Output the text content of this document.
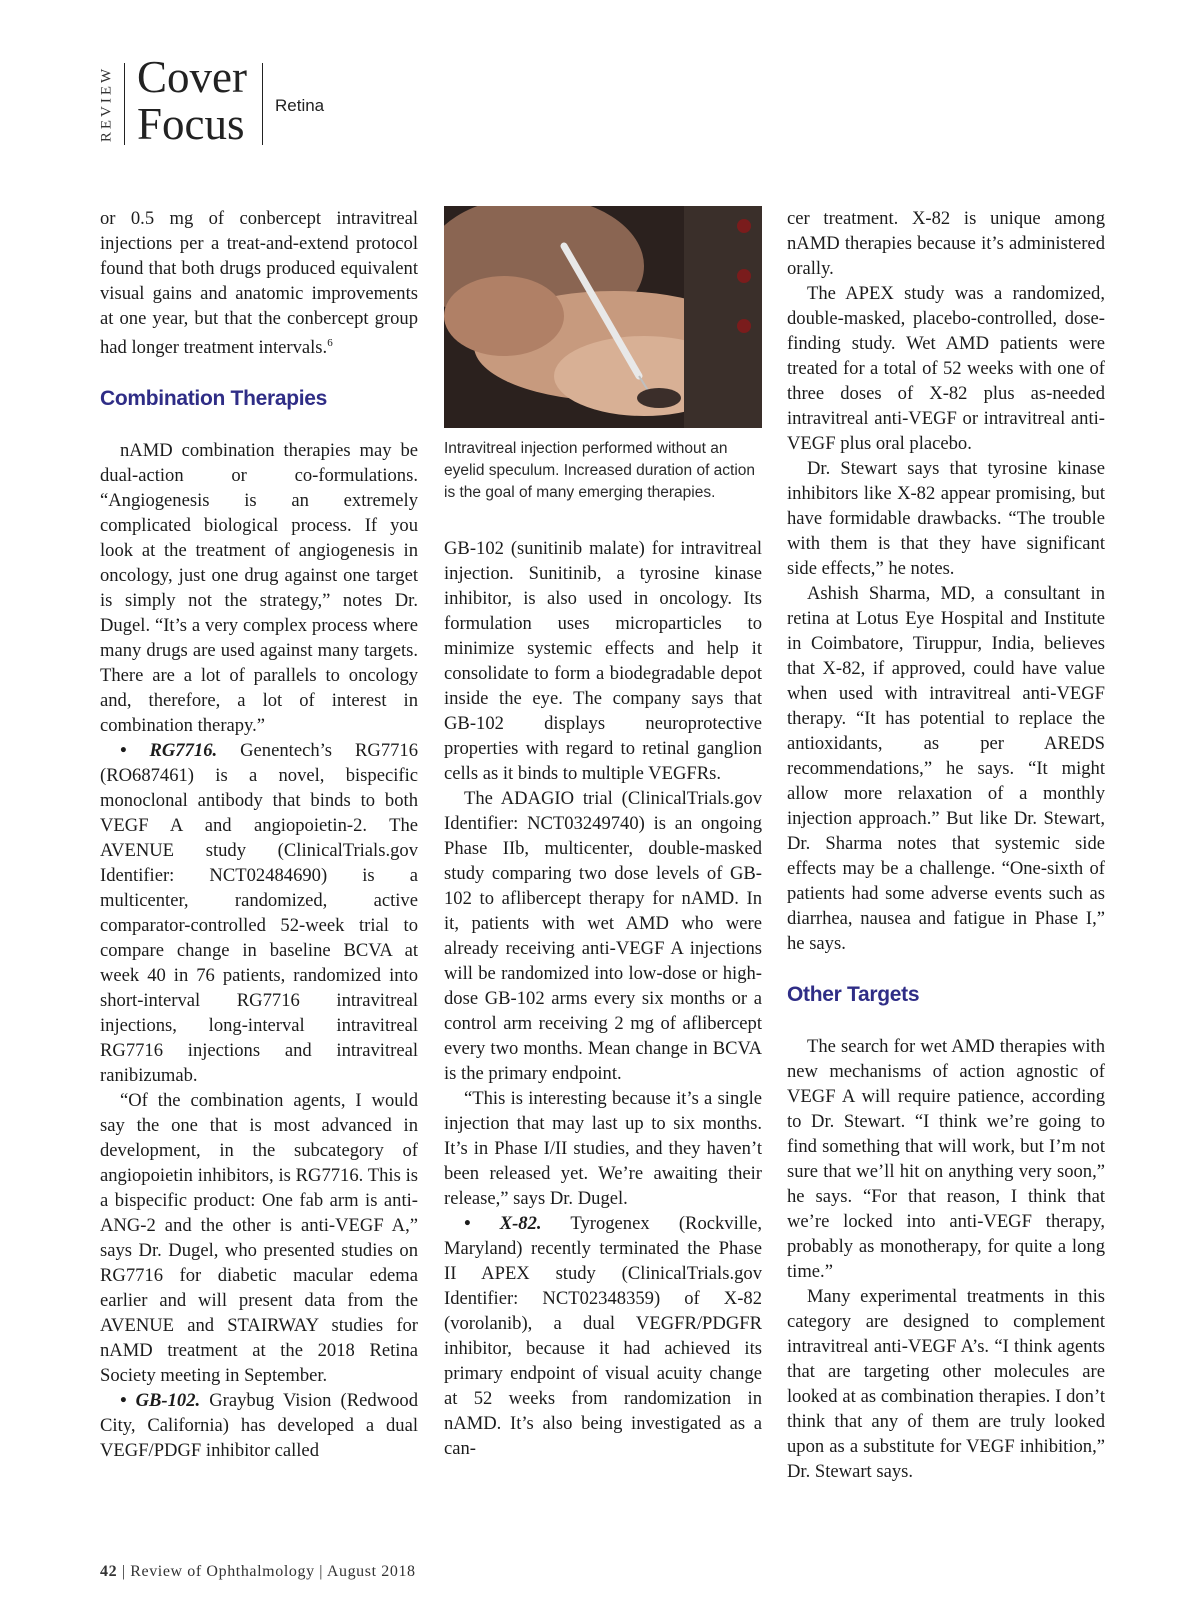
REVIEW Cover
Focus Retina

or 0.5 mg of conbercept intravitreal injections per a treat-and-extend protocol found that both drugs produced equivalent visual gains and anatomic improvements at one year, but that the conbercept group had longer treatment intervals.$^6$

Combination Therapies

nAMD combination therapies may be dual-action or co-formulations. “Angiogenesis is an extremely complicated biological process. If you look at the treatment of angiogenesis in oncology, just one drug against one target is simply not the strategy,” notes Dr. Dugel. “It’s a very complex process where many drugs are used against many targets. There are a lot of parallels to oncology and, therefore, a lot of interest in combination therapy.”

• RG7716. Genentech’s RG7716 (RO687461) is a novel, bispecific monoclonal antibody that binds to both VEGF A and angiopoietin-2. The AVENUE study (ClinicalTrials.gov Identifier: NCT02484690) is a multicenter, randomized, active comparator-controlled 52-week trial to compare change in baseline BCVA at week 40 in 76 patients, randomized into short-interval RG7716 intravitreal injections, long-interval intravitreal RG7716 injections and intravitreal ranibizumab.

“Of the combination agents, I would say the one that is most advanced in development, in the subcategory of angiopoietin inhibitors, is RG7716. This is a bispecific product: One fab arm is anti-ANG-2 and the other is anti-VEGF A,” says Dr. Dugel, who presented studies on RG7716 for diabetic macular edema earlier and will present data from the AVENUE and STAIRWAY studies for nAMD treatment at the 2018 Retina Society meeting in September.

• GB-102. Graybug Vision (Redwood City, California) has developed a dual VEGF/PDGF inhibitor called

Intravitreal injection performed without an eyelid speculum. Increased duration of action is the goal of many emerging therapies.

GB-102 (sunitinib malate) for intravitreal injection. Sunitinib, a tyrosine kinase inhibitor, is also used in oncology. Its formulation uses microparticles to minimize systemic effects and help it consolidate to form a biodegradable depot inside the eye. The company says that GB-102 displays neuroprotective properties with regard to retinal ganglion cells as it binds to multiple VEGFRs.

The ADAGIO trial (ClinicalTrials.gov Identifier: NCT03249740) is an ongoing Phase IIb, multicenter, double-masked study comparing two dose levels of GB-102 to aflibercept therapy for nAMD. In it, patients with wet AMD who were already receiving anti-VEGF A injections will be randomized into low-dose or high-dose GB-102 arms every six months or a control arm receiving 2 mg of aflibercept every two months. Mean change in BCVA is the primary endpoint.

“This is interesting because it’s a single injection that may last up to six months. It’s in Phase I/II studies, and they haven’t been released yet. We’re awaiting their release,” says Dr. Dugel.

• X-82. Tyrogenex (Rockville, Maryland) recently terminated the Phase II APEX study (ClinicalTrials.gov Identifier: NCT02348359) of X-82 (vorolanib), a dual VEGFR/PDGFR inhibitor, because it had achieved its primary endpoint of visual acuity change at 52 weeks from randomization in nAMD. It’s also being investigated as a can-

cer treatment. X-82 is unique among nAMD therapies because it’s administered orally.

The APEX study was a randomized, double-masked, placebo-controlled, dose-finding study. Wet AMD patients were treated for a total of 52 weeks with one of three doses of X-82 plus as-needed intravitreal anti-VEGF or intravitreal anti-VEGF plus oral placebo.

Dr. Stewart says that tyrosine kinase inhibitors like X-82 appear promising, but have formidable drawbacks. “The trouble with them is that they have significant side effects,” he notes.

Ashish Sharma, MD, a consultant in retina at Lotus Eye Hospital and Institute in Coimbatore, Tiruppur, India, believes that X-82, if approved, could have value when used with intravitreal anti-VEGF therapy. “It has potential to replace the antioxidants, as per AREDS recommendations,” he says. “It might allow more relaxation of a monthly injection approach.” But like Dr. Stewart, Dr. Sharma notes that systemic side effects may be a challenge. “One-sixth of patients had some adverse events such as diarrhea, nausea and fatigue in Phase I,” he says.

Other Targets

The search for wet AMD therapies with new mechanisms of action agnostic of VEGF A will require patience, according to Dr. Stewart. “I think we’re going to find something that will work, but I’m not sure that we’ll hit on anything very soon,” he says. “For that reason, I think that we’re locked into anti-VEGF therapy, probably as monotherapy, for quite a long time.”

Many experimental treatments in this category are designed to complement intravitreal anti-VEGF A’s. “I think agents that are targeting other molecules are looked at as combination therapies. I don’t think that any of them are truly looked upon as a substitute for VEGF inhibition,” Dr. Stewart says.

42 | Review of Ophthalmology | August 2018
